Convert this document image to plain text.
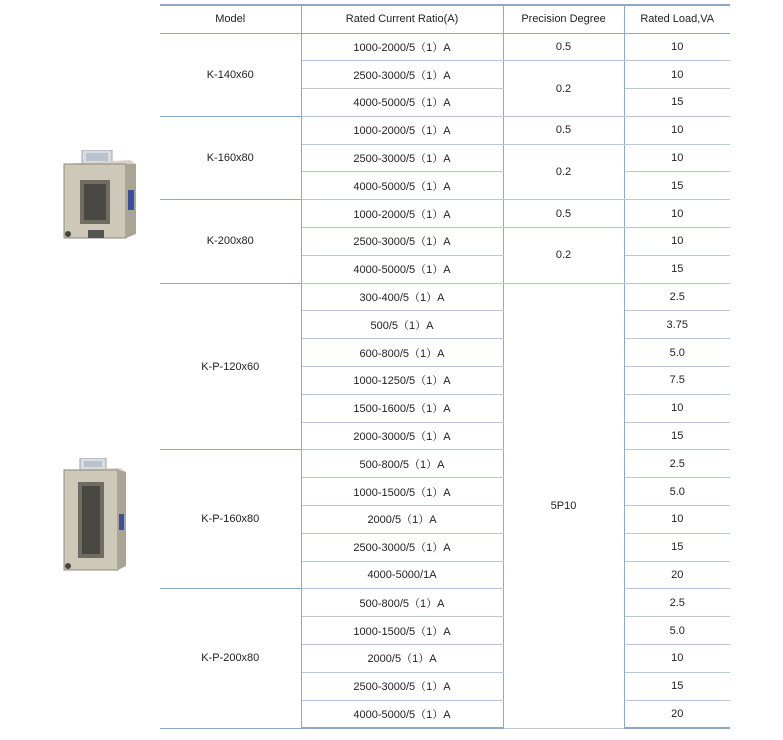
Model	Rated Current Ratio(A)	Precision Degree	Rated Load,VA
K-140x60	1000-2000/5（1）A	0.5	10
	2500-3000/5（1）A	0.2	10
	4000-5000/5（1）A		15
K-160x80	1000-2000/5（1）A	0.5	10
	2500-3000/5（1）A	0.2	10
	4000-5000/5（1）A		15
K-200x80	1000-2000/5（1）A	0.5	10
	2500-3000/5（1）A	0.2	10
	4000-5000/5（1）A		15
K-P-120x60	300-400/5（1）A	5P10	2.5
	500/5（1）A		3.75
	600-800/5（1）A		5.0
	1000-1250/5（1）A		7.5
	1500-1600/5（1）A		10
	2000-3000/5（1）A		15
K-P-160x80	500-800/5（1）A		2.5
	1000-1500/5（1）A		5.0
	2000/5（1）A		10
	2500-3000/5（1）A		15
	4000-5000/1A		20
K-P-200x80	500-800/5（1）A		2.5
	1000-1500/5（1）A		5.0
	2000/5（1）A		10
	2500-3000/5（1）A		15
	4000-5000/5（1）A		20
